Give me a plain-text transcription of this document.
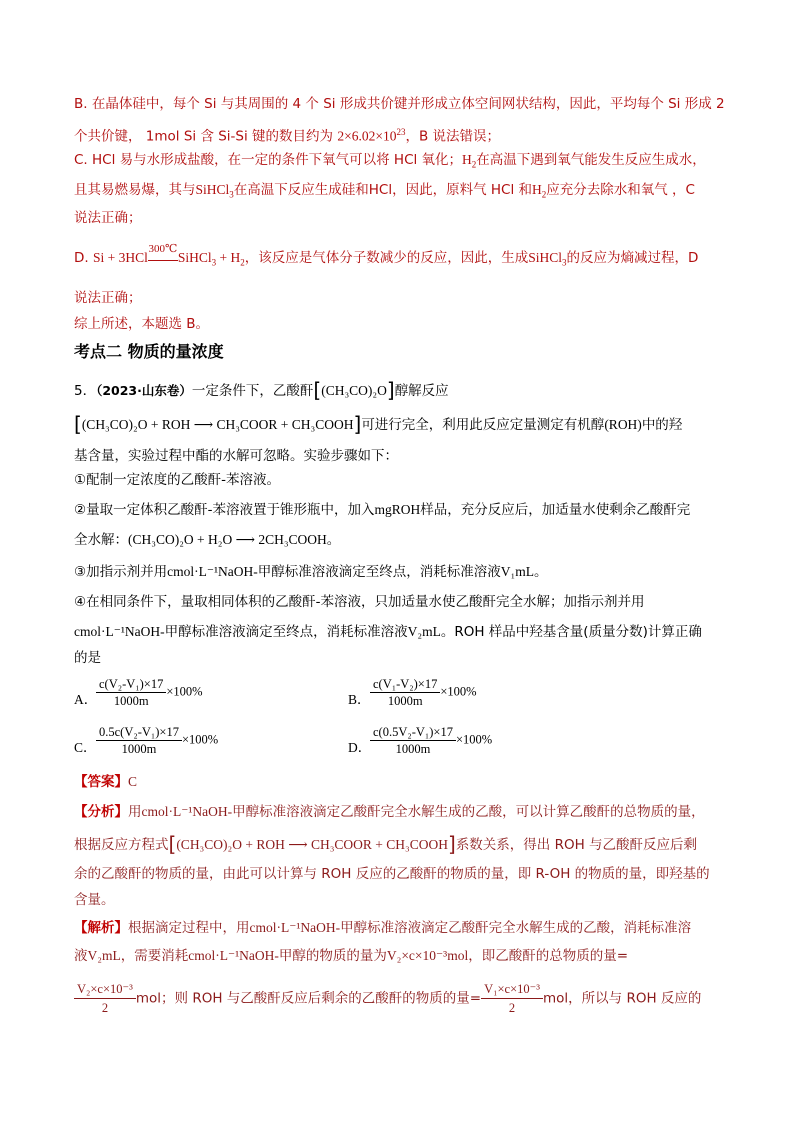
B. 在晶体硅中，每个 Si 与其周围的 4 个 Si 形成共价键并形成立体空间网状结构，因此，平均每个 Si 形成 2
个共价键， 1mol Si 含 Si-Si 键的数目约为 $2\times 6.02\times 10^{23}$，B 说法错误；
C. HCl 易与水形成盐酸，在一定的条件下氧气可以将 HCl 氧化；$H_2$在高温下遇到氧气能发生反应生成水，
且其易燃易爆，其与SiHCl$_3$在高温下反应生成硅和HCl，因此，原料气 HCl 和$H_2$应充分去除水和氧气 ，C
说法正确；
D. Si + 3HCl
300℃
SiHCl$_3$ + $H_2$，该反应是气体分子数减少的反应，因此，生成SiHCl$_3$的反应为熵减过程，D
说法正确；
综上所述，本题选 B。
考点二 物质的量浓度
5．（2023·山东卷）一定条件下，乙酸酐[(CH₃CO)₂O]醇解反应
[(CH₃CO)₂O + ROH ⟶ CH₃COOR + CH₃COOH]可进行完全，利用此反应定量测定有机醇(ROH)中的羟
基含量，实验过程中酯的水解可忽略。实验步骤如下：
①配制一定浓度的乙酸酐-苯溶液。
②量取一定体积乙酸酐-苯溶液置于锥形瓶中，加入mgROH样品，充分反应后，加适量水使剩余乙酸酐完
全水解：(CH₃CO)₂O + H₂O ⟶ 2CH₃COOH。
③加指示剂并用cmol·L⁻¹NaOH-甲醇标准溶液滴定至终点，消耗标准溶液V₁mL。
④在相同条件下，量取相同体积的乙酸酐-苯溶液，只加适量水使乙酸酐完全水解；加指示剂并用
cmol·L⁻¹NaOH-甲醇标准溶液滴定至终点，消耗标准溶液V₂mL。ROH 样品中羟基含量(质量分数)计算正确
的是
A．
$\frac{\text{c(V₂-V₁)×17}}{1000m} \times 100\%$
B． $\frac{\text{c(V₁-V₂)×17}}{1000m} \times 100\%$
C． $\frac{\text{0.5c(V₂-V₁)×17}}{1000m} \times 100\%$
D．
$\frac{\text{c(0.5V₂-V₁)×17}}{1000m} \times 100\%$
【答案】C
【分析】用cmol·L⁻¹NaOH-甲醇标准溶液滴定乙酸酐完全水解生成的乙酸，可以计算乙酸酐的总物质的量，
根据反应方程式[(CH₃CO)₂O + ROH ⟶ CH₃COOR + CH₃COOH]系数关系，得出 ROH 与乙酸酐反应后剩
余的乙酸酐的物质的量，由此可以计算与 ROH 反应的乙酸酐的物质的量，即 R-OH 的物质的量，即羟基的
含量。
【解析】根据滴定过程中，用cmol·L⁻¹NaOH-甲醇标准溶液滴定乙酸酐完全水解生成的乙酸，消耗标准溶
液V₂mL，需要消耗cmol·L⁻¹NaOH-甲醇的物质的量为V₂×c×10⁻³mol，即乙酸酐的总物质的量=
$\frac{\text{V₂×c×10⁻³}}{2}$ mol；则 ROH 与乙酸酐反应后剩余的乙酸酐的物质的量= $\frac{\text{V₁×c×10⁻³}}{2}$ mol，所以与 ROH 反应的
